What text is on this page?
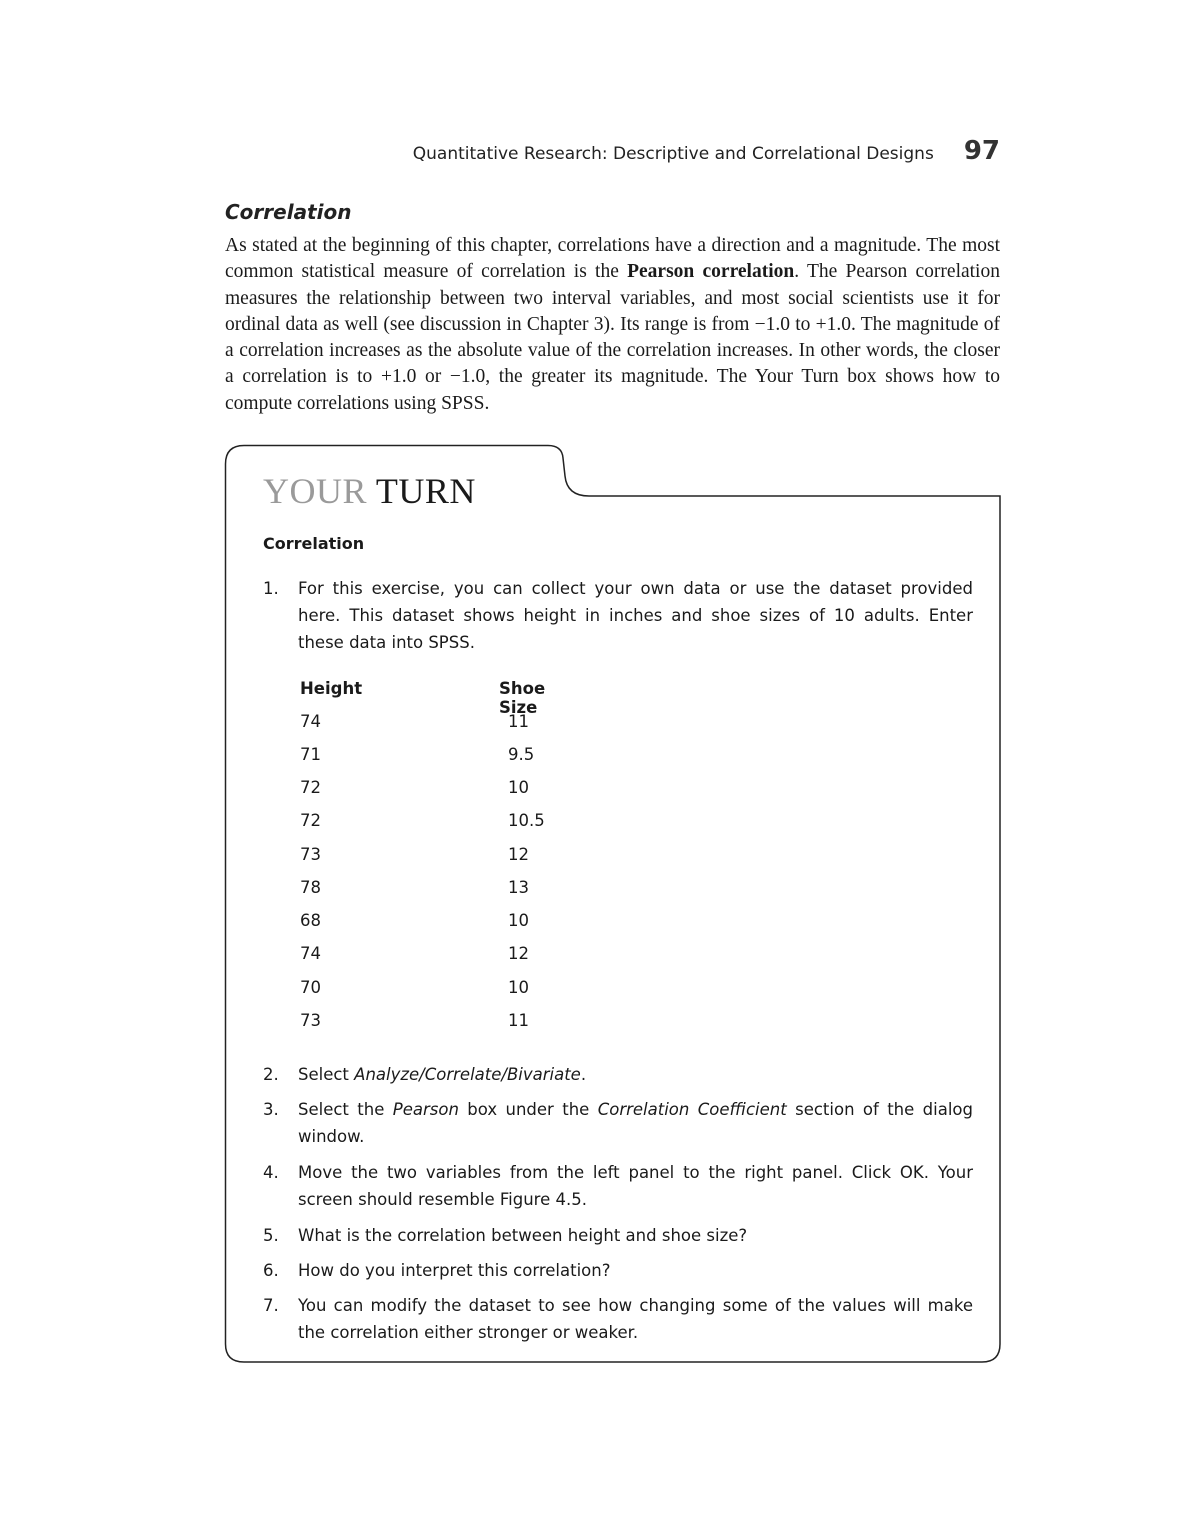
Quantitative Research: Descriptive and Correlational Designs 97
Correlation

As stated at the beginning of this chapter, correlations have a direction and a magnitude. The most common statistical measure of correlation is the Pearson correlation. The Pearson correlation measures the relationship between two interval variables, and most social scientists use it for ordinal data as well (see discussion in Chapter 3). Its range is from −1.0 to +1.0. The magnitude of a correlation increases as the absolute value of the correlation increases. In other words, the closer a correlation is to +1.0 or −1.0, the greater its magnitude. The Your Turn box shows how to compute correlations using SPSS.

YOUR TURN
Correlation
1.	For this exercise, you can collect your own data or use the dataset provided here. This dataset shows height in inches and shoe sizes of 10 adults. Enter these data into SPSS.
Height	Shoe Size
74	11
71	9.5
72	10
72	10.5
73	12
78	13
68	10
74	12
70	10
73	11
2.	Select Analyze/Correlate/Bivariate.
3.	Select the Pearson box under the Correlation Coefficient section of the dialog window.
4.	Move the two variables from the left panel to the right panel. Click OK. Your screen should resemble Figure 4.5.
5.	What is the correlation between height and shoe size?
6.	How do you interpret this correlation?
7.	You can modify the dataset to see how changing some of the values will make the correlation either stronger or weaker.
